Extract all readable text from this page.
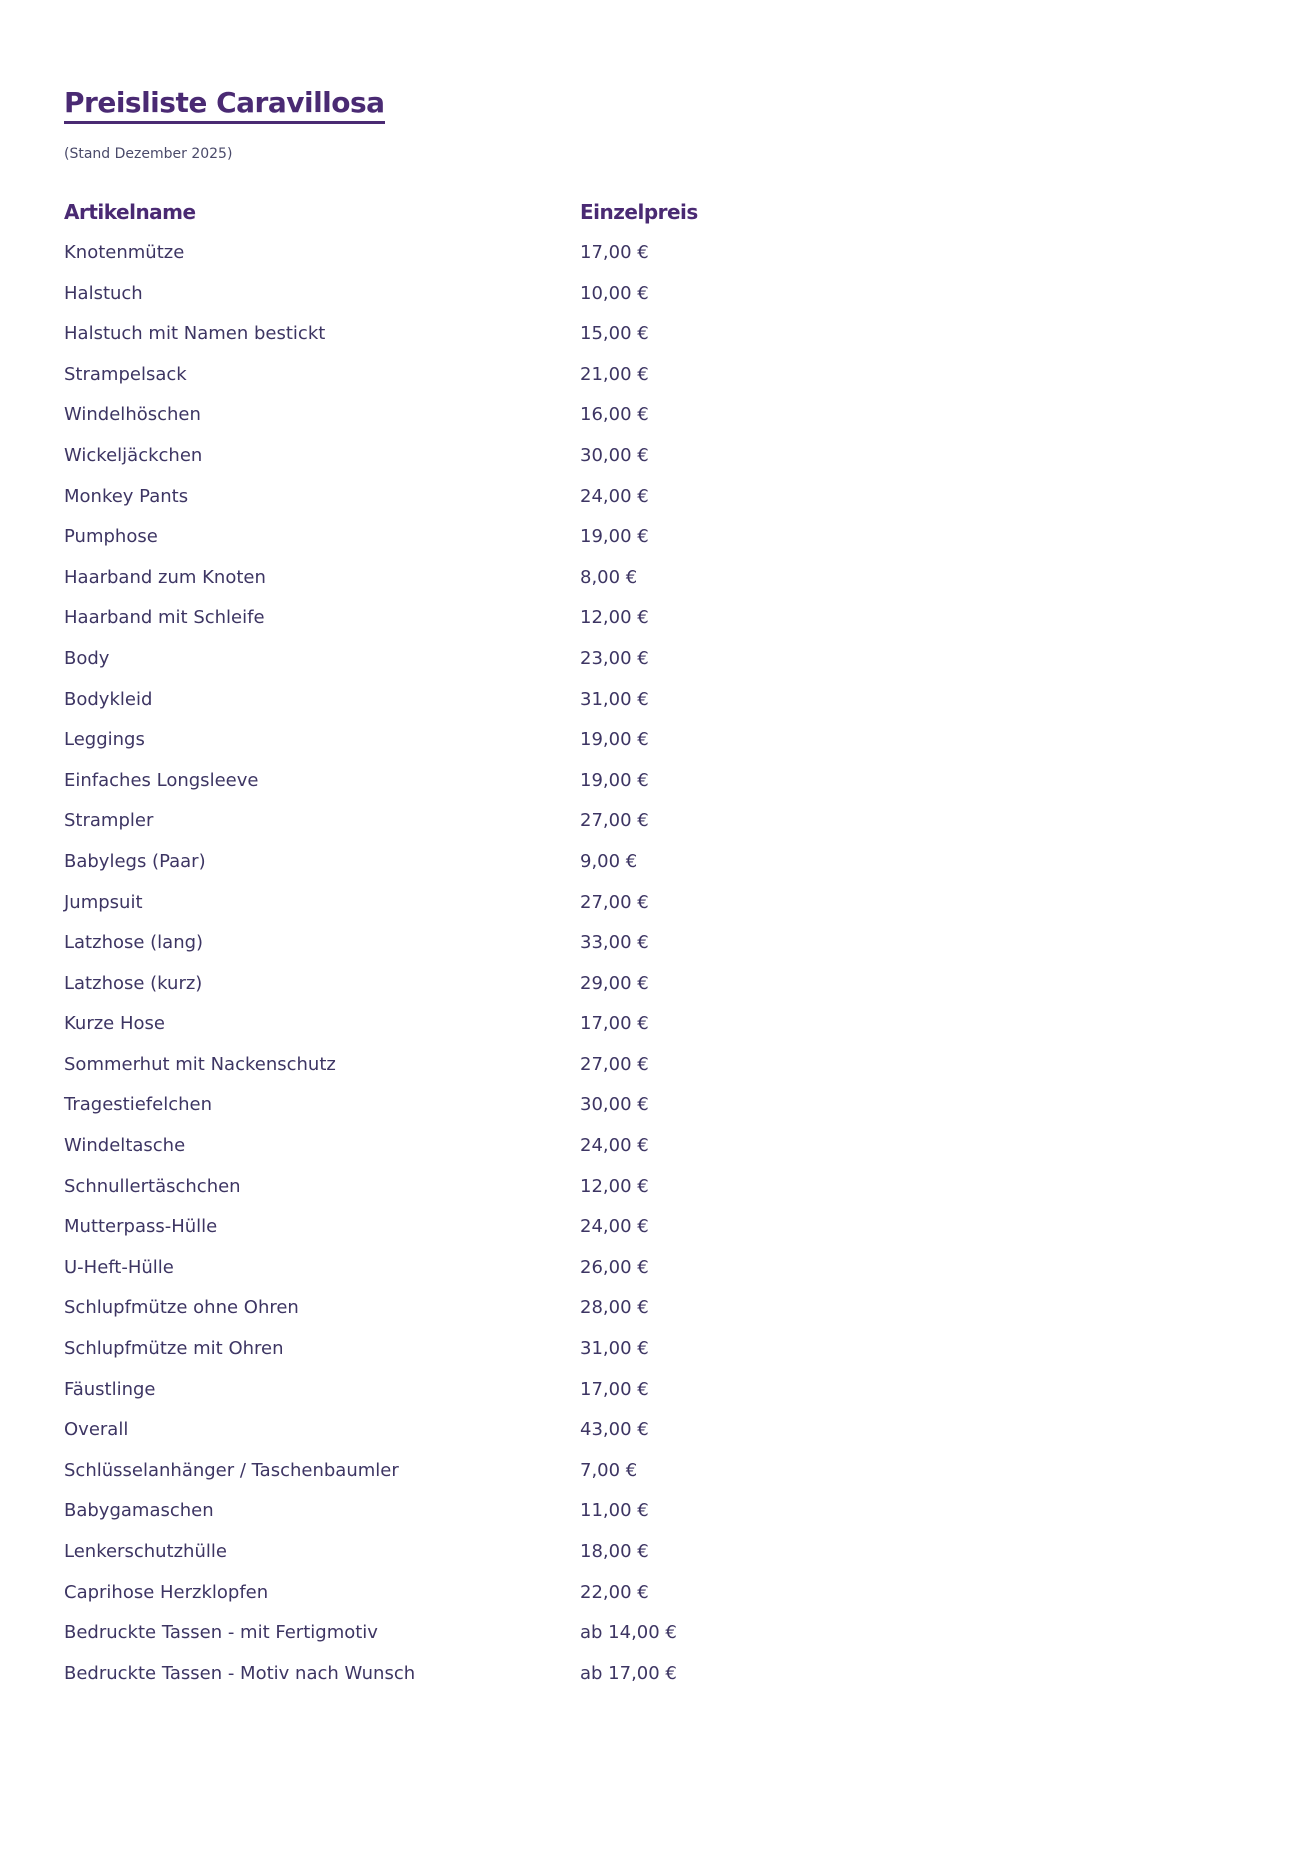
Preisliste Caravillosa
(Stand Dezember 2025)
Artikelname	Einzelpreis
Knotenmütze	17,00 €
Halstuch	10,00 €
Halstuch mit Namen bestickt	15,00 €
Strampelsack	21,00 €
Windelhöschen	16,00 €
Wickeljäckchen	30,00 €
Monkey Pants	24,00 €
Pumphose	19,00 €
Haarband zum Knoten	8,00 €
Haarband mit Schleife	12,00 €
Body	23,00 €
Bodykleid	31,00 €
Leggings	19,00 €
Einfaches Longsleeve	19,00 €
Strampler	27,00 €
Babylegs (Paar)	9,00 €
Jumpsuit	27,00 €
Latzhose (lang)	33,00 €
Latzhose (kurz)	29,00 €
Kurze Hose	17,00 €
Sommerhut mit Nackenschutz	27,00 €
Tragestiefelchen	30,00 €
Windeltasche	24,00 €
Schnullertäschchen	12,00 €
Mutterpass-Hülle	24,00 €
U-Heft-Hülle	26,00 €
Schlupfmütze ohne Ohren	28,00 €
Schlupfmütze mit Ohren	31,00 €
Fäustlinge	17,00 €
Overall	43,00 €
Schlüsselanhänger / Taschenbaumler	7,00 €
Babygamaschen	11,00 €
Lenkerschutzhülle	18,00 €
Caprihose Herzklopfen	22,00 €
Bedruckte Tassen - mit Fertigmotiv	ab 14,00 €
Bedruckte Tassen - Motiv nach Wunsch	ab 17,00 €
